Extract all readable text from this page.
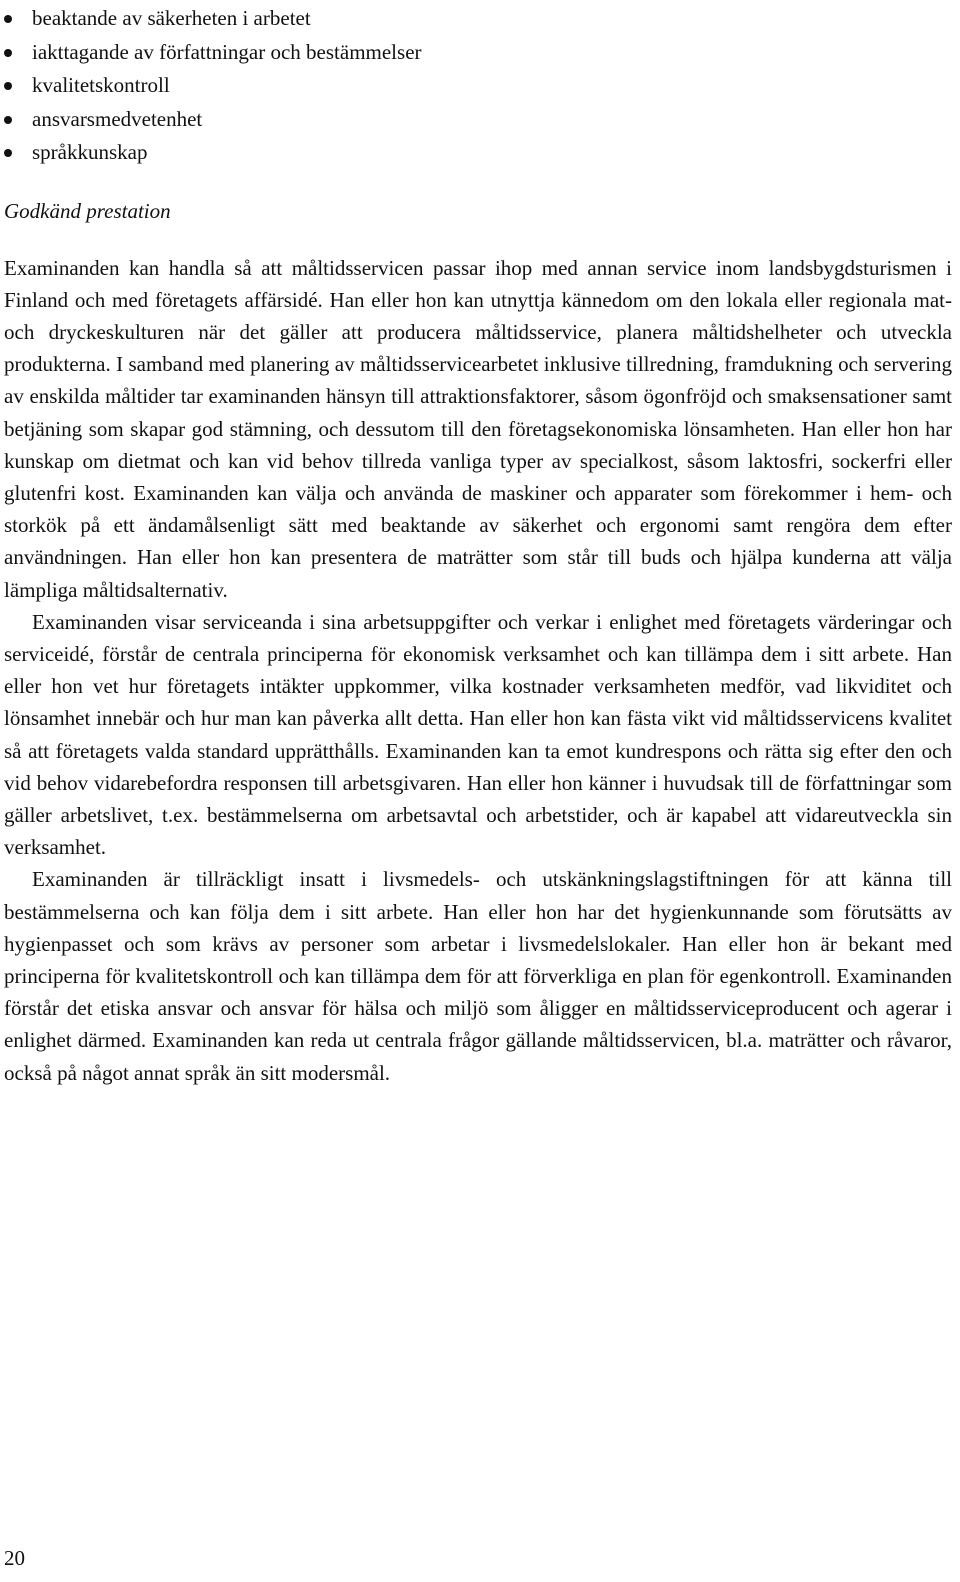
beaktande av säkerheten i arbetet
iakttagande av författningar och bestämmelser
kvalitetskontroll
ansvarsmedvetenhet
språkkunskap
Godkänd prestation

Examinanden kan handla så att måltidsservicen passar ihop med annan service inom landsbygdsturismen i Finland och med företagets affärsidé. Han eller hon kan utnyttja kännedom om den lokala eller regionala mat- och dryckeskulturen när det gäller att producera måltidsservice, planera måltidshelheter och utveckla produkterna. I samband med planering av måltidsservicearbetet inklusive tillredning, framdukning och servering av enskilda måltider tar examinanden hänsyn till attraktionsfaktorer, såsom ögonfröjd och smaksensationer samt betjäning som skapar god stämning, och dessutom till den företagsekonomiska lönsamheten. Han eller hon har kunskap om dietmat och kan vid behov tillreda vanliga typer av specialkost, såsom laktosfri, sockerfri eller glutenfri kost. Examinanden kan välja och använda de maskiner och apparater som förekommer i hem- och storkök på ett ändamålsenligt sätt med beaktande av säkerhet och ergonomi samt rengöra dem efter användningen. Han eller hon kan presentera de maträtter som står till buds och hjälpa kunderna att välja lämpliga måltidsalternativ.

Examinanden visar serviceanda i sina arbetsuppgifter och verkar i enlighet med företagets värderingar och serviceidé, förstår de centrala principerna för ekonomisk verksamhet och kan tillämpa dem i sitt arbete. Han eller hon vet hur företagets intäkter uppkommer, vilka kostnader verksamheten medför, vad likviditet och lönsamhet innebär och hur man kan påverka allt detta. Han eller hon kan fästa vikt vid måltidsservicens kvalitet så att företagets valda standard upprätthålls. Examinanden kan ta emot kundrespons och rätta sig efter den och vid behov vidarebefordra responsen till arbetsgivaren. Han eller hon känner i huvudsak till de författningar som gäller arbetslivet, t.ex. bestämmelserna om arbetsavtal och arbetstider, och är kapabel att vidareutveckla sin verksamhet.

Examinanden är tillräckligt insatt i livsmedels- och utskänkningslagstiftningen för att känna till bestämmelserna och kan följa dem i sitt arbete. Han eller hon har det hygienkunnande som förutsätts av hygienpasset och som krävs av personer som arbetar i livsmedelslokaler. Han eller hon är bekant med principerna för kvalitetskontroll och kan tillämpa dem för att förverkliga en plan för egenkontroll. Examinanden förstår det etiska ansvar och ansvar för hälsa och miljö som åligger en måltidsserviceproducent och agerar i enlighet därmed. Examinanden kan reda ut centrala frågor gällande måltidsservicen, bl.a. maträtter och råvaror, också på något annat språk än sitt modersmål.

20
